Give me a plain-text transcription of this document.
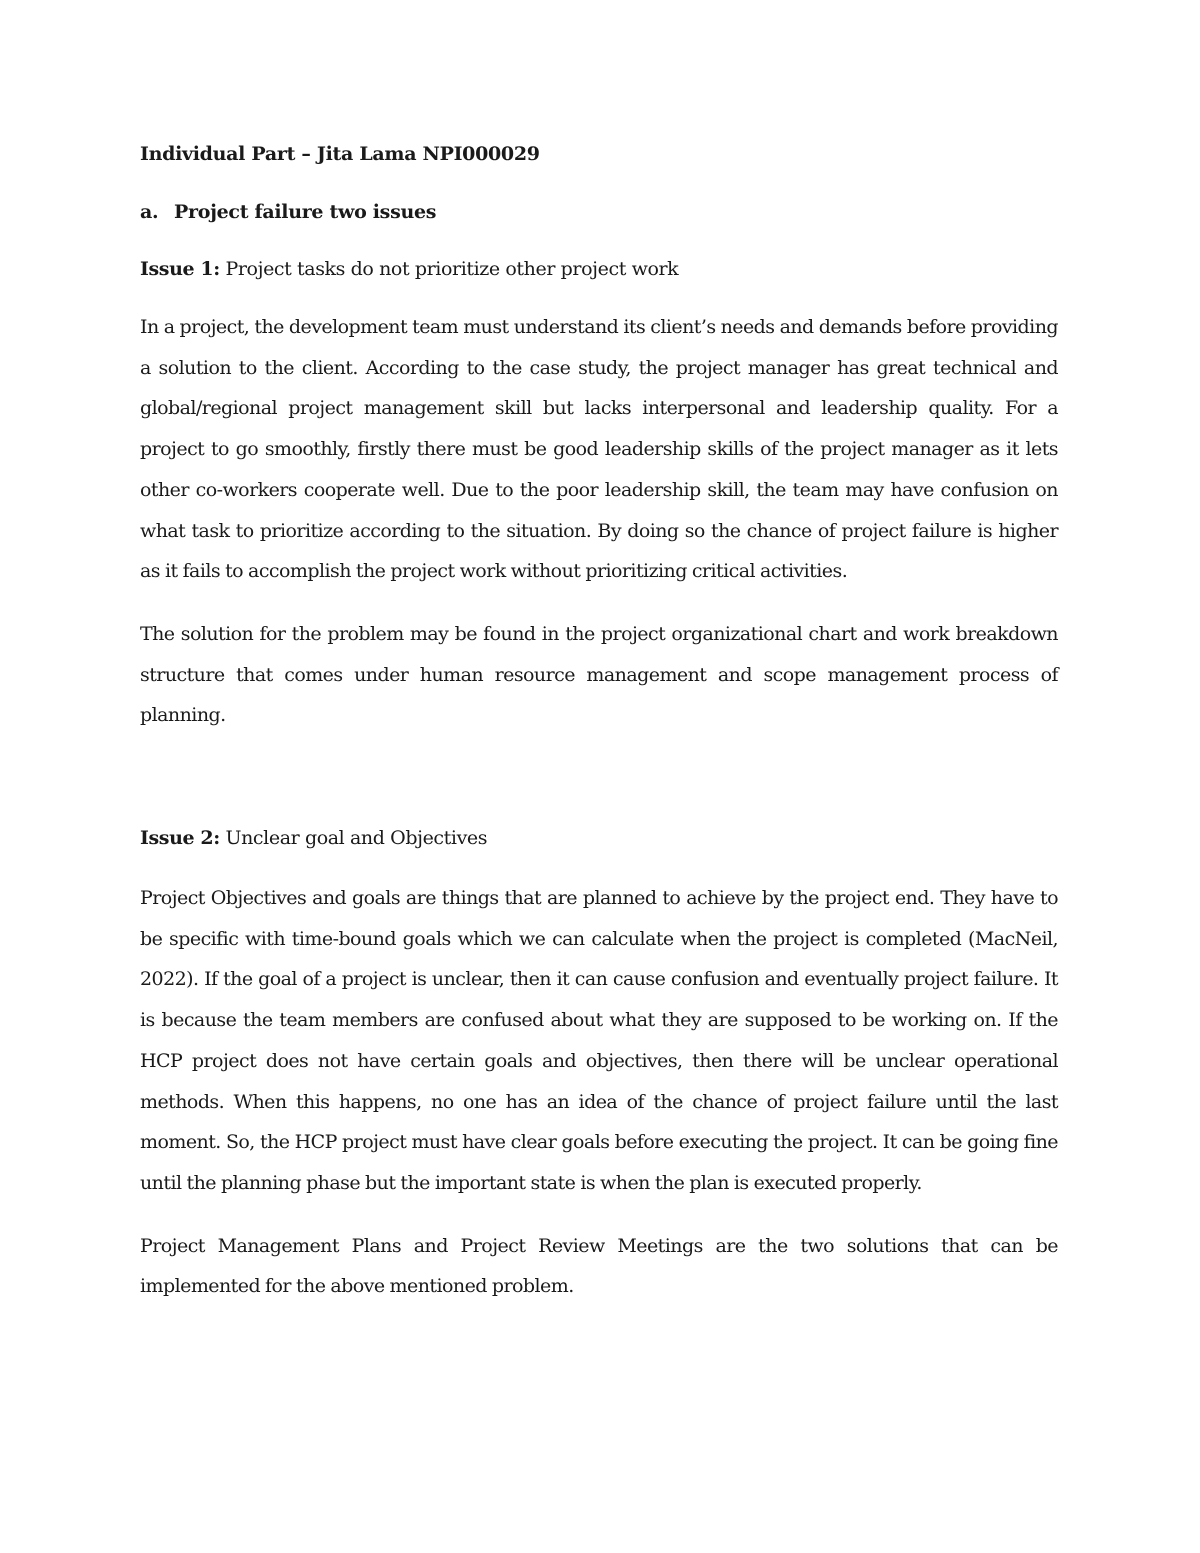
Individual Part – Jita Lama NPI000029

a. Project failure two issues

Issue 1: Project tasks do not prioritize other project work

In a project, the development team must understand its client’s needs and demands before providing a solution to the client. According to the case study, the project manager has great technical and global/regional project management skill but lacks interpersonal and leadership quality. For a project to go smoothly, firstly there must be good leadership skills of the project manager as it lets other co-workers cooperate well. Due to the poor leadership skill, the team may have confusion on what task to prioritize according to the situation. By doing so the chance of project failure is higher as it fails to accomplish the project work without prioritizing critical activities.

The solution for the problem may be found in the project organizational chart and work breakdown structure that comes under human resource management and scope management process of planning.

Issue 2: Unclear goal and Objectives

Project Objectives and goals are things that are planned to achieve by the project end. They have to be specific with time-bound goals which we can calculate when the project is completed (MacNeil, 2022). If the goal of a project is unclear, then it can cause confusion and eventually project failure. It is because the team members are confused about what they are supposed to be working on. If the HCP project does not have certain goals and objectives, then there will be unclear operational methods. When this happens, no one has an idea of the chance of project failure until the last moment. So, the HCP project must have clear goals before executing the project. It can be going fine until the planning phase but the important state is when the plan is executed properly.

Project Management Plans and Project Review Meetings are the two solutions that can be implemented for the above mentioned problem.
